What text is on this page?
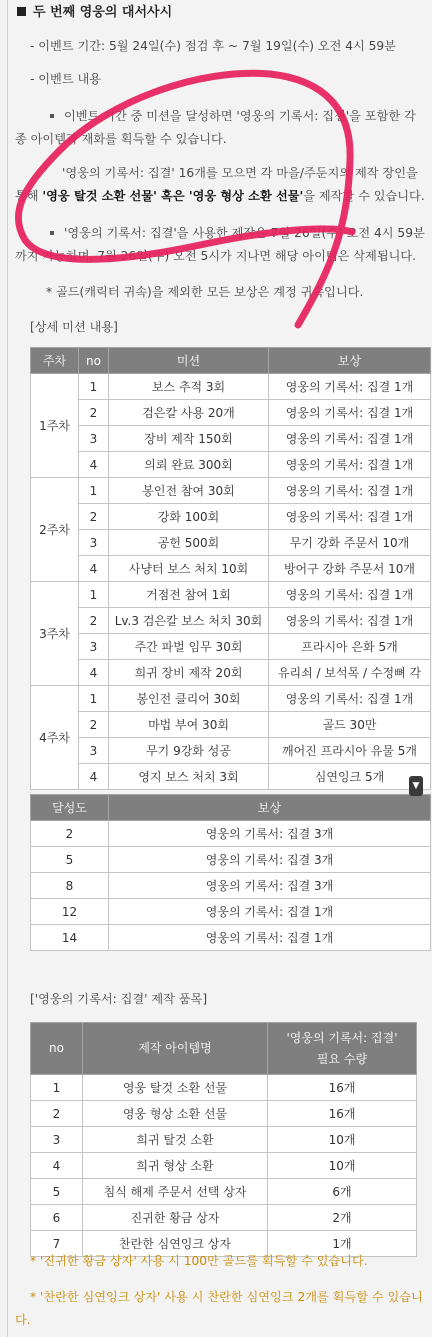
두 번째 영웅의 대서사시
- 이벤트 기간: 5월 24일(수) 점검 후 ~ 7월 19일(수) 오전 4시 59분
- 이벤트 내용
이벤트 기간 중 미션을 달성하면 '영웅의 기록서: 집결'을 포함한 각
종 아이템과 재화를 획득할 수 있습니다.
'영웅의 기록서: 집결' 16개를 모으면 각 마을/주둔지의 제작 장인을
통해 '영웅 탈것 소환 선물' 혹은 '영웅 형상 소환 선물'을 제작할 수 있습니다.
'영웅의 기록서: 집결'을 사용한 제작은 7월 26일(수) 오전 4시 59분
까지 가능하며, 7월 26일(수) 오전 5시가 지나면 해당 아이템은 삭제됩니다.
* 골드(캐릭터 귀속)을 제외한 모든 보상은 계정 귀속입니다.
[상세 미션 내용]
주차	no	미션	보상
1주차	1	보스 추적 3회	영웅의 기록서: 집결 1개
	2	검은칼 사용 20개	영웅의 기록서: 집결 1개
	3	장비 제작 150회	영웅의 기록서: 집결 1개
	4	의뢰 완료 300회	영웅의 기록서: 집결 1개
2주차	1	봉인전 참여 30회	영웅의 기록서: 집결 1개
	2	강화 100회	영웅의 기록서: 집결 1개
	3	공헌 500회	무기 강화 주문서 10개
	4	사냥터 보스 처치 10회	방어구 강화 주문서 10개
3주차	1	거점전 참여 1회	영웅의 기록서: 집결 1개
	2	Lv.3 검은칼 보스 처치 30회	영웅의 기록서: 집결 1개
	3	주간 파벌 임무 30회	프라시아 은화 5개
	4	희귀 장비 제작 20회	유리쇠 / 보석목 / 수정뼈 각
4주차	1	봉인전 클리어 30회	영웅의 기록서: 집결 1개
	2	마법 부여 30회	골드 30만
	3	무기 9강화 성공	깨어진 프라시아 유물 5개
	4	영지 보스 처치 3회	심연잉크 5개
달성도	보상
2	영웅의 기록서: 집결 3개
5	영웅의 기록서: 집결 3개
8	영웅의 기록서: 집결 3개
12	영웅의 기록서: 집결 1개
14	영웅의 기록서: 집결 1개
▼
['영웅의 기록서: 집결' 제작 품목]
no	제작 아이템명	'영웅의 기록서: 집결'
필요 수량
1	영웅 탈것 소환 선물	16개
2	영웅 형상 소환 선물	16개
3	희귀 탈것 소환	10개
4	희귀 형상 소환	10개
5	침식 해제 주문서 선택 상자	6개
6	진귀한 황금 상자	2개
7	찬란한 심연잉크 상자	1개
* '진귀한 황금 상자' 사용 시 100만 골드를 획득할 수 있습니다.
* '찬란한 심연잉크 상자' 사용 시 찬란한 심연잉크 2개를 획득할 수 있습니
다.
